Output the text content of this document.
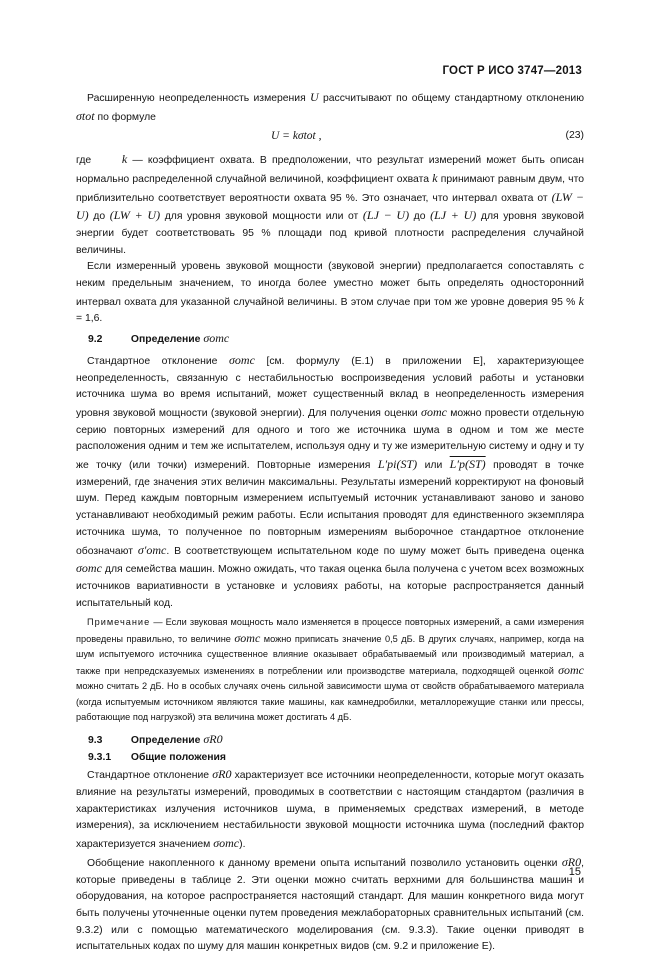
ГОСТ Р ИСО 3747—2013

Расширенную неопределенность измерения U рассчитывают по общему стандартному отклонению σtot по формуле

U = kσtot ,	(23)

где	k — коэффициент охвата. В предположении, что результат измерений может быть описан нормально распределенной случайной величиной, коэффициент охвата k принимают равным двум, что приблизительно соответствует вероятности охвата 95 %. Это означает, что интервал охвата от (LW − U) до (LW + U) для уровня звуковой мощности или от (LJ − U) до (LJ + U) для уровня звуковой энергии будет соответствовать 95 % площади под кривой плотности распределения случайной величины.

Если измеренный уровень звуковой мощности (звуковой энергии) предполагается сопоставлять с неким предельным значением, то иногда более уместно может быть определять односторонний интервал охвата для указанной случайной величины. В этом случае при том же уровне доверия 95 % k = 1,6.

9.2	Определение σomc

Стандартное отклонение σomc [см. формулу (Е.1) в приложении Е], характеризующее неопределенность, связанную с нестабильностью воспроизведения условий работы и установки источника шума во время испытаний, может существенный вклад в неопределенность измерения уровня звуковой мощности (звуковой энергии). Для получения оценки σomc можно провести отдельную серию повторных измерений для одного и того же источника шума в одном и том же месте расположения одним и тем же испытателем, используя одну и ту же измерительную систему и одну и ту же точку (или точки) измерений. Повторные измерения L′pi(ST) или L′p(ST) проводят в точке измерений, где значения этих величин максимальны. Результаты измерений корректируют на фоновый шум. Перед каждым повторным измерением испытуемый источник устанавливают заново и заново устанавливают необходимый режим работы. Если испытания проводят для единственного экземпляра источника шума, то полученное по повторным измерениям выборочное стандартное отклонение обозначают σ′omc. В соответствующем испытательном коде по шуму может быть приведена оценка σomc для семейства машин. Можно ожидать, что такая оценка была получена с учетом всех возможных источников вариативности в установке и условиях работы, на которые распространяется данный испытательный код.

Примечание — Если звуковая мощность мало изменяется в процессе повторных измерений, а сами измерения проведены правильно, то величине σomc можно приписать значение 0,5 дБ. В других случаях, например, когда на шум испытуемого источника существенное влияние оказывает обрабатываемый или производимый материал, а также при непредсказуемых изменениях в потреблении или производстве материала, подходящей оценкой σomc можно считать 2 дБ. Но в особых случаях очень сильной зависимости шума от свойств обрабатываемого материала (когда испытуемым источником являются такие машины, как камнедробилки, металлорежущие станки или прессы, работающие под нагрузкой) эта величина может достигать 4 дБ.

9.3	Определение σR0

9.3.1 Общие положения

Стандартное отклонение σR0 характеризует все источники неопределенности, которые могут оказать влияние на результаты измерений, проводимых в соответствии с настоящим стандартом (различия в характеристиках излучения источников шума, в применяемых средствах измерений, в методе измерения), за исключением нестабильности звуковой мощности источника шума (последний фактор характеризуется значением σomc).

Обобщение накопленного к данному времени опыта испытаний позволило установить оценки σR0, которые приведены в таблице 2. Эти оценки можно считать верхними для большинства машин и оборудования, на которое распространяется настоящий стандарт. Для машин конкретного вида могут быть получены уточненные оценки путем проведения межлабораторных сравнительных испытаний (см. 9.3.2) или с помощью математического моделирования (см. 9.3.3). Такие оценки приводят в испытательных кодах по шуму для машин конкретных видов (см. 9.2 и приложение Е).

15
